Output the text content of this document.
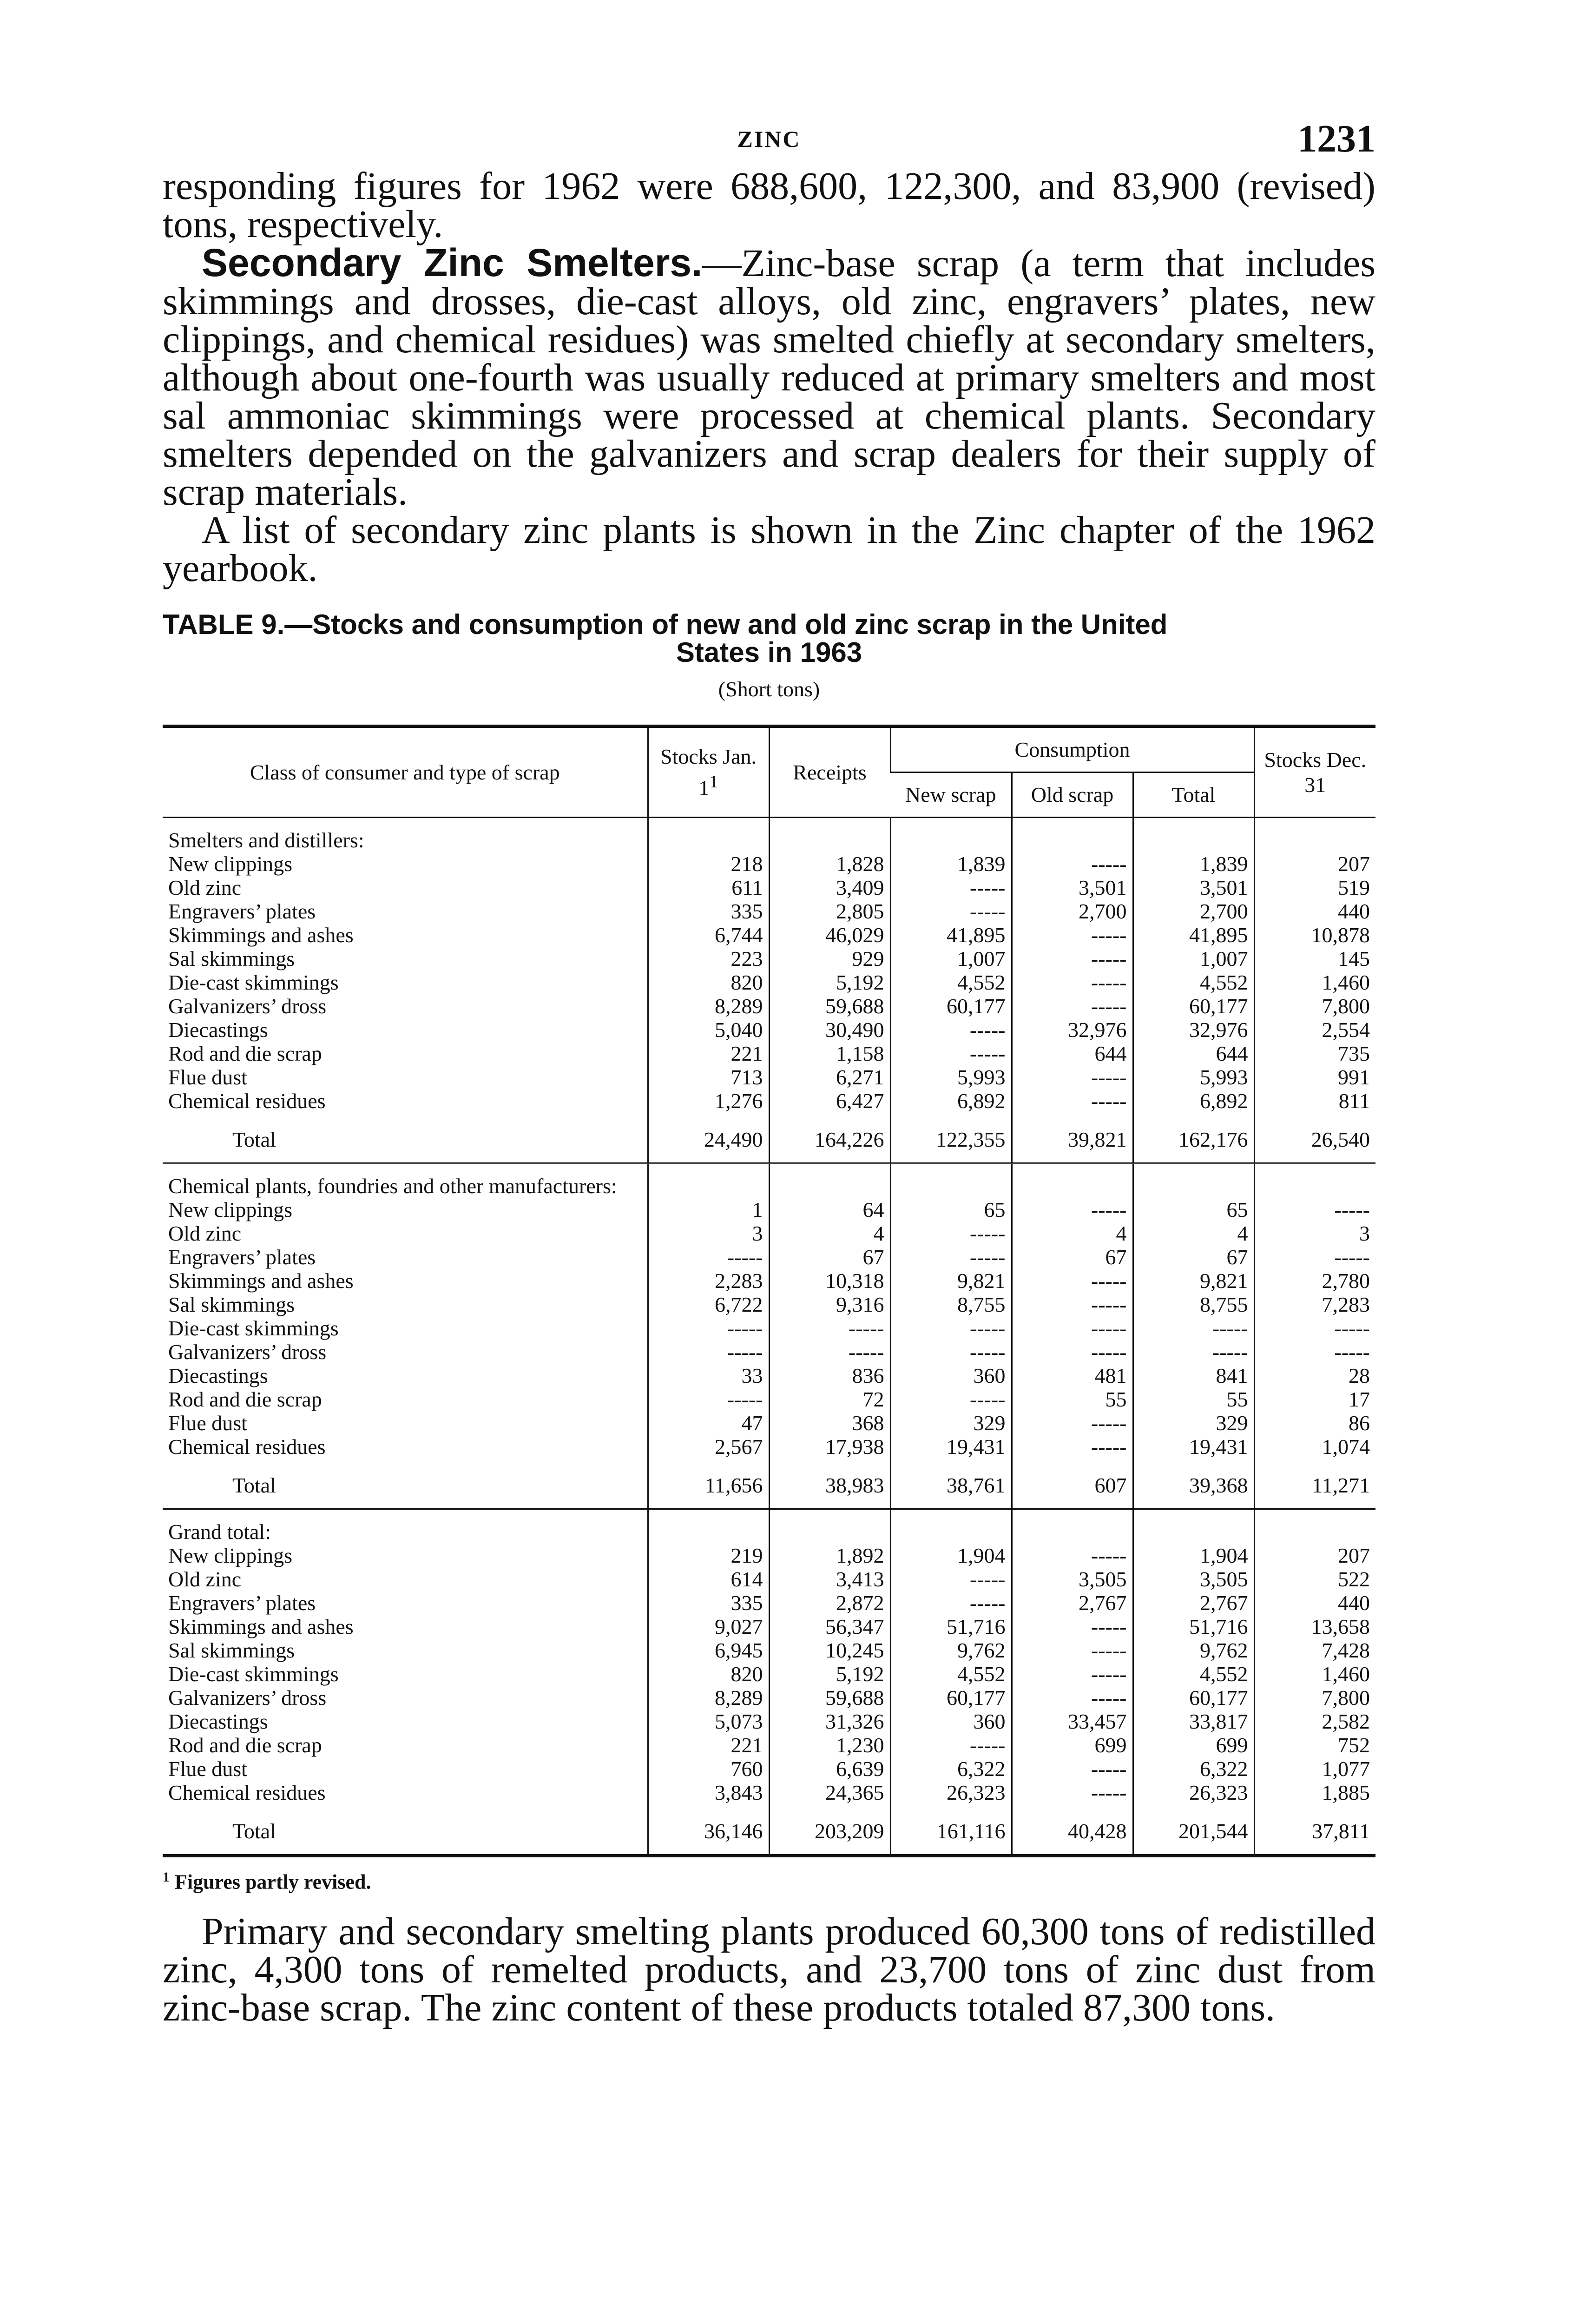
ZINC	1231

responding figures for 1962 were 688,600, 122,300, and 83,900 (revised) tons, respectively.

Secondary Zinc Smelters.—Zinc-base scrap (a term that includes skimmings and drosses, die-cast alloys, old zinc, engravers’ plates, new clippings, and chemical residues) was smelted chiefly at secondary smelters, although about one-fourth was usually reduced at primary smelters and most sal ammoniac skimmings were processed at chemical plants. Secondary smelters depended on the galvanizers and scrap dealers for their supply of scrap materials.

A list of secondary zinc plants is shown in the Zinc chapter of the 1962 yearbook.

TABLE 9.—Stocks and consumption of new and old zinc scrap in the United
States in 1963
(Short tons)
Class of consumer and type of scrap	Stocks Jan. $1^1$	Receipts	Consumption			Stocks Dec. 31
			New scrap	Old scrap	Total	
Smelters and distillers:						
New clippings	218	1,828	1,839	-----	1,839	207
Old zinc	611	3,409	-----	3,501	3,501	519
Engravers’ plates	335	2,805	-----	2,700	2,700	440
Skimmings and ashes	6,744	46,029	41,895	-----	41,895	10,878
Sal skimmings	223	929	1,007	-----	1,007	145
Die-cast skimmings	820	5,192	4,552	-----	4,552	1,460
Galvanizers’ dross	8,289	59,688	60,177	-----	60,177	7,800
Diecastings	5,040	30,490	-----	32,976	32,976	2,554
Rod and die scrap	221	1,158	-----	644	644	735
Flue dust	713	6,271	5,993	-----	5,993	991
Chemical residues	1,276	6,427	6,892	-----	6,892	811

Total	24,490	164,226	122,355	39,821	162,176	26,540
Chemical plants, foundries and other manufacturers:						
New clippings	1	64	65	-----	65	-----
Old zinc	3	4	-----	4	4	3
Engravers’ plates	-----	67	-----	67	67	-----
Skimmings and ashes	2,283	10,318	9,821	-----	9,821	2,780
Sal skimmings	6,722	9,316	8,755	-----	8,755	7,283
Die-cast skimmings	-----	-----	-----	-----	-----	-----
Galvanizers’ dross	-----	-----	-----	-----	-----	-----
Diecastings	33	836	360	481	841	28
Rod and die scrap	-----	72	-----	55	55	17
Flue dust	47	368	329	-----	329	86
Chemical residues	2,567	17,938	19,431	-----	19,431	1,074

Total	11,656	38,983	38,761	607	39,368	11,271
Grand total:						
New clippings	219	1,892	1,904	-----	1,904	207
Old zinc	614	3,413	-----	3,505	3,505	522
Engravers’ plates	335	2,872	-----	2,767	2,767	440
Skimmings and ashes	9,027	56,347	51,716	-----	51,716	13,658
Sal skimmings	6,945	10,245	9,762	-----	9,762	7,428
Die-cast skimmings	820	5,192	4,552	-----	4,552	1,460
Galvanizers’ dross	8,289	59,688	60,177	-----	60,177	7,800
Diecastings	5,073	31,326	360	33,457	33,817	2,582
Rod and die scrap	221	1,230	-----	699	699	752
Flue dust	760	6,639	6,322	-----	6,322	1,077
Chemical residues	3,843	24,365	26,323	-----	26,323	1,885

Total	36,146	203,209	161,116	40,428	201,544	37,811
$^1$ Figures partly revised.

Primary and secondary smelting plants produced 60,300 tons of redistilled zinc, 4,300 tons of remelted products, and 23,700 tons of zinc dust from zinc-base scrap. The zinc content of these products totaled 87,300 tons.
